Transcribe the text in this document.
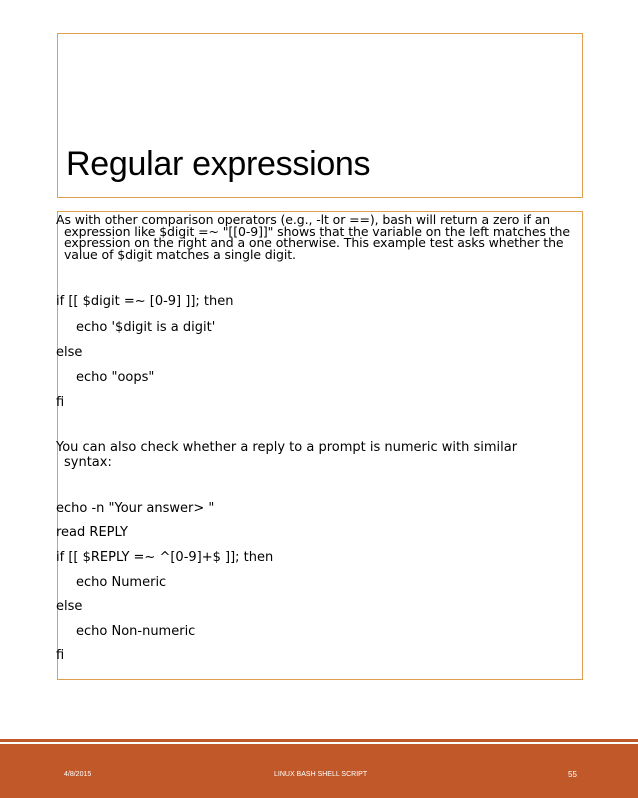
Regular expressions
As with other comparison operators (e.g., -lt or ==), bash will return a zero if an
expression like $digit =~ "[[0-9]]" shows that the variable on the left matches the
expression on the right and a one otherwise. This example test asks whether the
value of $digit matches a single digit.
if [[ $digit =~ [0-9] ]]; then
echo '$digit is a digit'
else
echo "oops"
fi
You can also check whether a reply to a prompt is numeric with similar
syntax:
echo -n "Your answer> "
read REPLY
if [[ $REPLY =~ ^[0-9]+$ ]]; then
echo Numeric
else
echo Non-numeric
fi
4/8/2015	LINUX BASH SHELL SCRIPT	55
